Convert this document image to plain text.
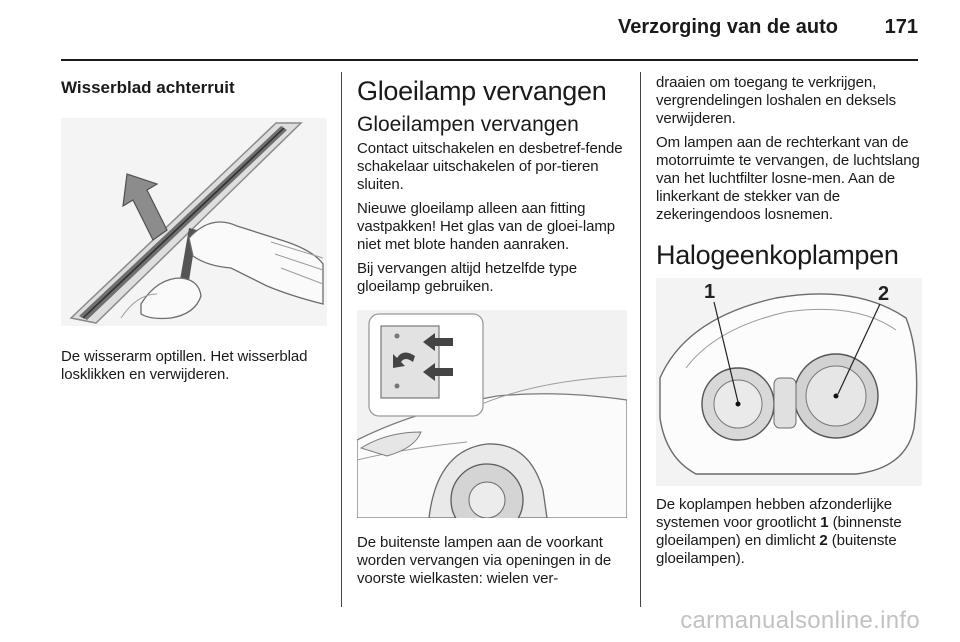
Verzorging van de auto 171
Wisserblad achterruit

De wisserarm optillen. Het wisserblad losklikken en verwijderen.

Gloeilamp vervangen
Gloeilampen vervangen

Contact uitschakelen en desbetref-fende schakelaar uitschakelen of por-tieren sluiten.

Nieuwe gloeilamp alleen aan fitting vastpakken! Het glas van de gloei-lamp niet met blote handen aanraken.

Bij vervangen altijd hetzelfde type gloeilamp gebruiken.

De buitenste lampen aan de voorkant worden vervangen via openingen in de voorste wielkasten: wielen ver-

draaien om toegang te verkrijgen, vergrendelingen loshalen en deksels verwijderen.

Om lampen aan de rechterkant van de motorruimte te vervangen, de luchtslang van het luchtfilter losne-men. Aan de linkerkant de stekker van de zekeringendoos losnemen.

Halogeenkoplampen
1	2

De koplampen hebben afzonderlijke systemen voor grootlicht 1 (binnenste gloeilampen) en dimlicht 2 (buitenste gloeilampen).

carmanualsonline.info
